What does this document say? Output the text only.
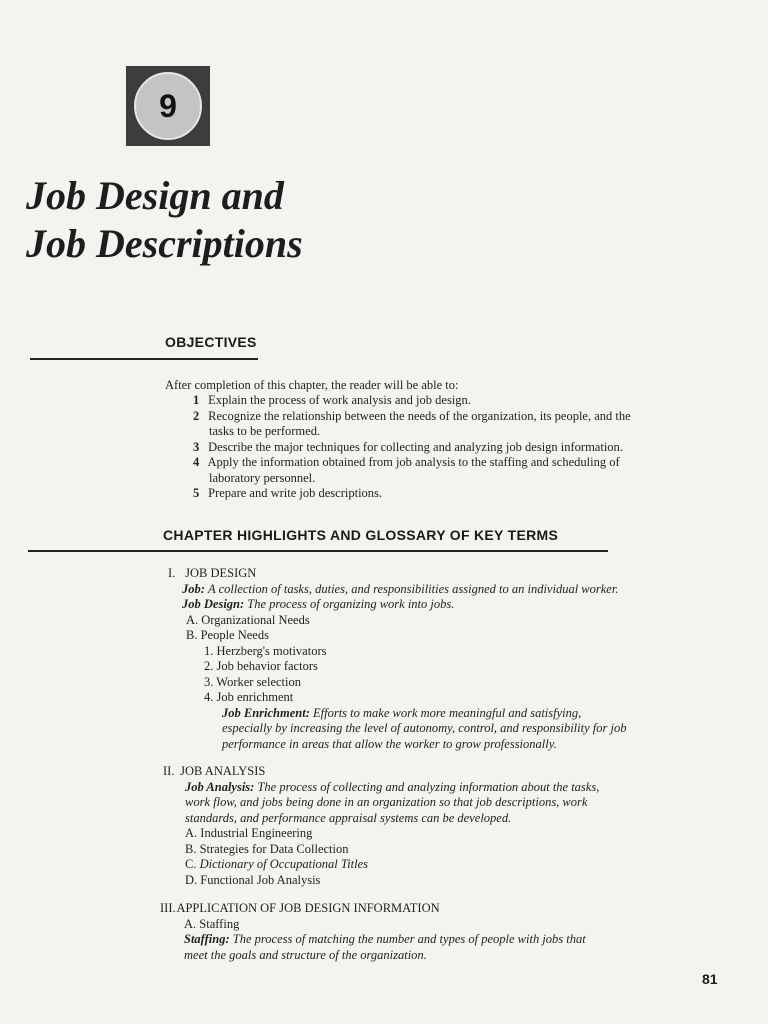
9
Job Design and
Job Descriptions
OBJECTIVES
After completion of this chapter, the reader will be able to:
1 Explain the process of work analysis and job design.
2 Recognize the relationship between the needs of the organization, its people, and the
tasks to be performed.
3 Describe the major techniques for collecting and analyzing job design information.
4 Apply the information obtained from job analysis to the staffing and scheduling of
laboratory personnel.
5 Prepare and write job descriptions.
CHAPTER HIGHLIGHTS AND GLOSSARY OF KEY TERMS
I. JOB DESIGN
Job: A collection of tasks, duties, and responsibilities assigned to an individual worker.
Job Design: The process of organizing work into jobs.
A. Organizational Needs
B. People Needs
1. Herzberg's motivators
2. Job behavior factors
3. Worker selection
4. Job enrichment
Job Enrichment: Efforts to make work more meaningful and satisfying,
especially by increasing the level of autonomy, control, and responsibility for job
performance in areas that allow the worker to grow professionally.
II. JOB ANALYSIS
Job Analysis: The process of collecting and analyzing information about the tasks,
work flow, and jobs being done in an organization so that job descriptions, work
standards, and performance appraisal systems can be developed.
A. Industrial Engineering
B. Strategies for Data Collection
C. Dictionary of Occupational Titles
D. Functional Job Analysis
III. APPLICATION OF JOB DESIGN INFORMATION
A. Staffing
Staffing: The process of matching the number and types of people with jobs that
meet the goals and structure of the organization.
81
